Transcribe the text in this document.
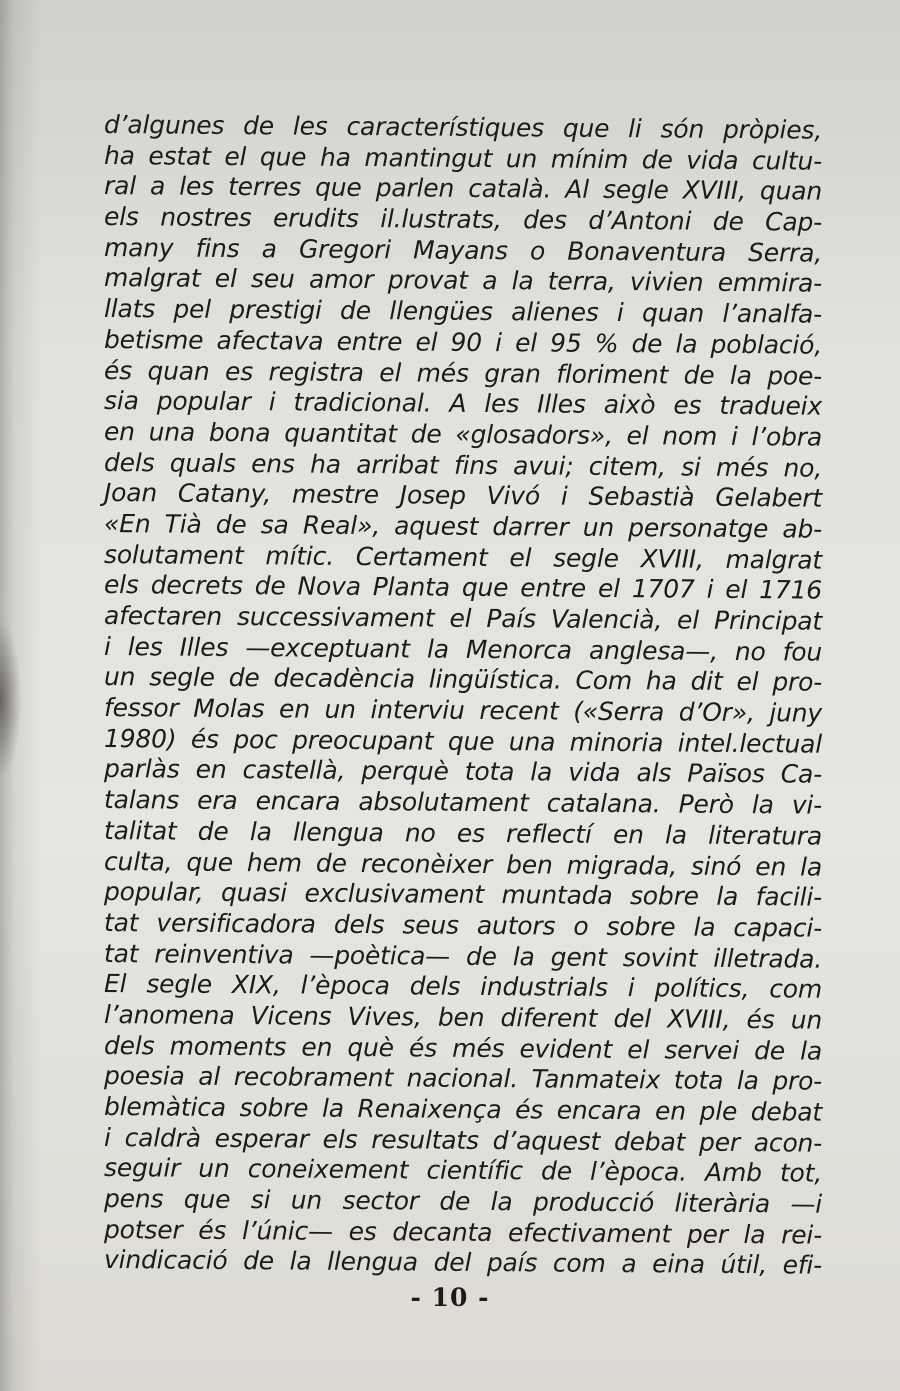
d’algunes de les característiques que li són pròpies,
ha estat el que ha mantingut un mínim de vida cultu-
ral a les terres que parlen català. Al segle XVIII, quan
els nostres erudits il.lustrats, des d’Antoni de Cap-
many fins a Gregori Mayans o Bonaventura Serra,
malgrat el seu amor provat a la terra, vivien emmira-
llats pel prestigi de llengües alienes i quan l’analfa-
betisme afectava entre el 90 i el 95 % de la població,
és quan es registra el més gran floriment de la poe-
sia popular i tradicional. A les Illes això es tradueix
en una bona quantitat de «glosadors», el nom i l’obra
dels quals ens ha arribat fins avui; citem, si més no,
Joan Catany, mestre Josep Vivó i Sebastià Gelabert
«En Tià de sa Real», aquest darrer un personatge ab-
solutament mític. Certament el segle XVIII, malgrat
els decrets de Nova Planta que entre el 1707 i el 1716
afectaren successivament el País Valencià, el Principat
i les Illes —exceptuant la Menorca anglesa—, no fou
un segle de decadència lingüística. Com ha dit el pro-
fessor Molas en un interviu recent («Serra d’Or», juny
1980) és poc preocupant que una minoria intel.lectual
parlàs en castellà, perquè tota la vida als Països Ca-
talans era encara absolutament catalana. Però la vi-
talitat de la llengua no es reflectí en la literatura
culta, que hem de reconèixer ben migrada, sinó en la
popular, quasi exclusivament muntada sobre la facili-
tat versificadora dels seus autors o sobre la capaci-
tat reinventiva —poètica— de la gent sovint illetrada.
El segle XIX, l’època dels industrials i polítics, com
l’anomena Vicens Vives, ben diferent del XVIII, és un
dels moments en què és més evident el servei de la
poesia al recobrament nacional. Tanmateix tota la pro-
blemàtica sobre la Renaixença és encara en ple debat
i caldrà esperar els resultats d’aquest debat per acon-
seguir un coneixement científic de l’època. Amb tot,
pens que si un sector de la producció literària —i
potser és l’únic— es decanta efectivament per la rei-
vindicació de la llengua del país com a eina útil, efi-
- 10 -
